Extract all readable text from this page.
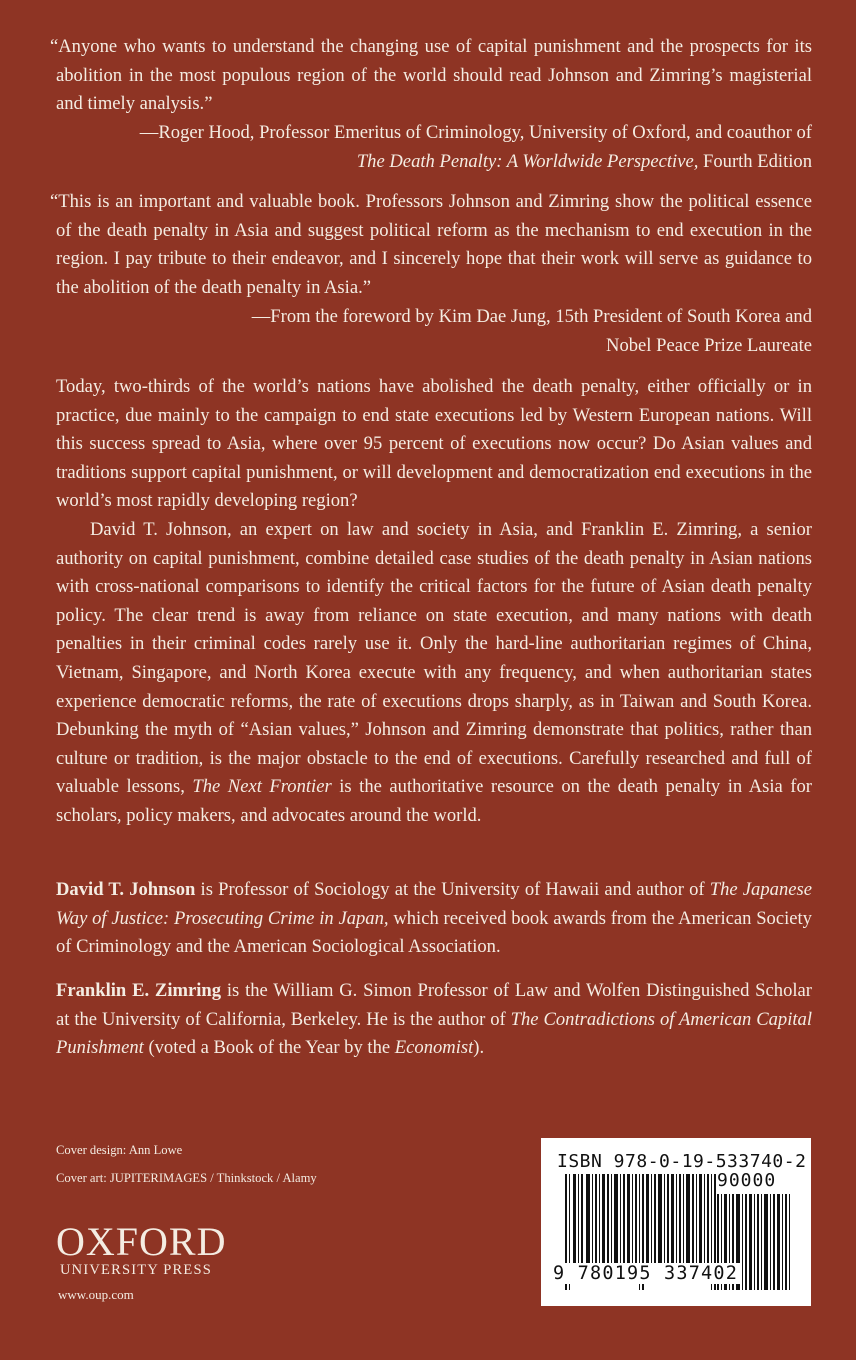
“Anyone who wants to understand the changing use of capital punishment and the prospects for its abolition in the most populous region of the world should read Johnson and Zimring’s magisterial and timely analysis.”

—Roger Hood, Professor Emeritus of Criminology, University of Oxford, and coauthor of
The Death Penalty: A Worldwide Perspective, Fourth Edition

“This is an important and valuable book. Professors Johnson and Zimring show the political essence of the death penalty in Asia and suggest political reform as the mechanism to end execution in the region. I pay tribute to their endeavor, and I sincerely hope that their work will serve as guidance to the abolition of the death penalty in Asia.”

—From the foreword by Kim Dae Jung, 15th President of South Korea and
Nobel Peace Prize Laureate

Today, two-thirds of the world’s nations have abolished the death penalty, either officially or in practice, due mainly to the campaign to end state executions led by Western European nations. Will this success spread to Asia, where over 95 percent of executions now occur? Do Asian values and traditions support capital punishment, or will development and democratization end executions in the world’s most rapidly developing region?

David T. Johnson, an expert on law and society in Asia, and Franklin E. Zimring, a senior authority on capital punishment, combine detailed case studies of the death penalty in Asian nations with cross-national comparisons to identify the critical factors for the future of Asian death penalty policy. The clear trend is away from reliance on state execution, and many nations with death penalties in their criminal codes rarely use it. Only the hard-line authoritarian regimes of China, Vietnam, Singapore, and North Korea execute with any frequency, and when authoritarian states experience democratic reforms, the rate of executions drops sharply, as in Taiwan and South Korea. Debunking the myth of “Asian values,” Johnson and Zimring demonstrate that politics, rather than culture or tradition, is the major obstacle to the end of executions. Carefully researched and full of valuable lessons, The Next Frontier is the authoritative resource on the death penalty in Asia for scholars, policy makers, and advocates around the world.

David T. Johnson is Professor of Sociology at the University of Hawaii and author of The Japanese Way of Justice: Prosecuting Crime in Japan, which received book awards from the American Society of Criminology and the American Sociological Association.

Franklin E. Zimring is the William G. Simon Professor of Law and Wolfen Distinguished Scholar at the University of California, Berkeley. He is the author of The Contradictions of American Capital Punishment (voted a Book of the Year by the Economist).

Cover design: Ann Lowe

Cover art: JUPITERIMAGES / Thinkstock / Alamy

OXFORD

UNIVERSITY PRESS

www.oup.com

ISBN 978-0-19-533740-2
90000
9 780195 337402
